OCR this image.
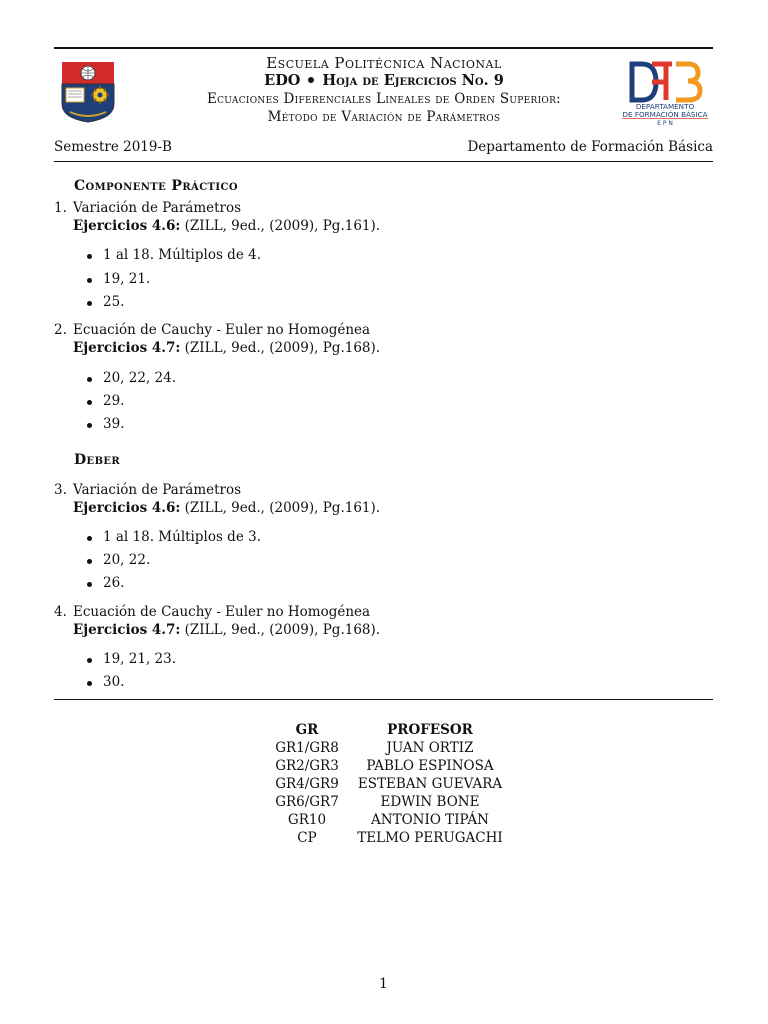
Escuela Politécnica Nacional
EDO Hoja de Ejercicios No. 9
Ecuaciones Diferenciales Lineales de Orden Superior:
Método de Variación de Parámetros
DEPARTAMENTO
DE FORMACIÓN BÁSICA
E P N
Semestre 2019-B	Departamento de Formación Básica
Componente Práctico
1. Variación de Parámetros
Ejercicios 4.6: (ZILL, 9ed., (2009), Pg.161).
1 al 18. Múltiplos de 4.
19, 21.
25.
2. Ecuación de Cauchy - Euler no Homogénea
Ejercicios 4.7: (ZILL, 9ed., (2009), Pg.168).
20, 22, 24.
29.
39.
Deber
3. Variación de Parámetros
Ejercicios 4.6: (ZILL, 9ed., (2009), Pg.161).
1 al 18. Múltiplos de 3.
20, 22.
26.
4. Ecuación de Cauchy - Euler no Homogénea
Ejercicios 4.7: (ZILL, 9ed., (2009), Pg.168).
19, 21, 23.
30.
GR	PROFESOR
GR1/GR8	JUAN ORTIZ
GR2/GR3	PABLO ESPINOSA
GR4/GR9	ESTEBAN GUEVARA
GR6/GR7	EDWIN BONE
GR10	ANTONIO TIPÁN
CP	TELMO PERUGACHI
1
